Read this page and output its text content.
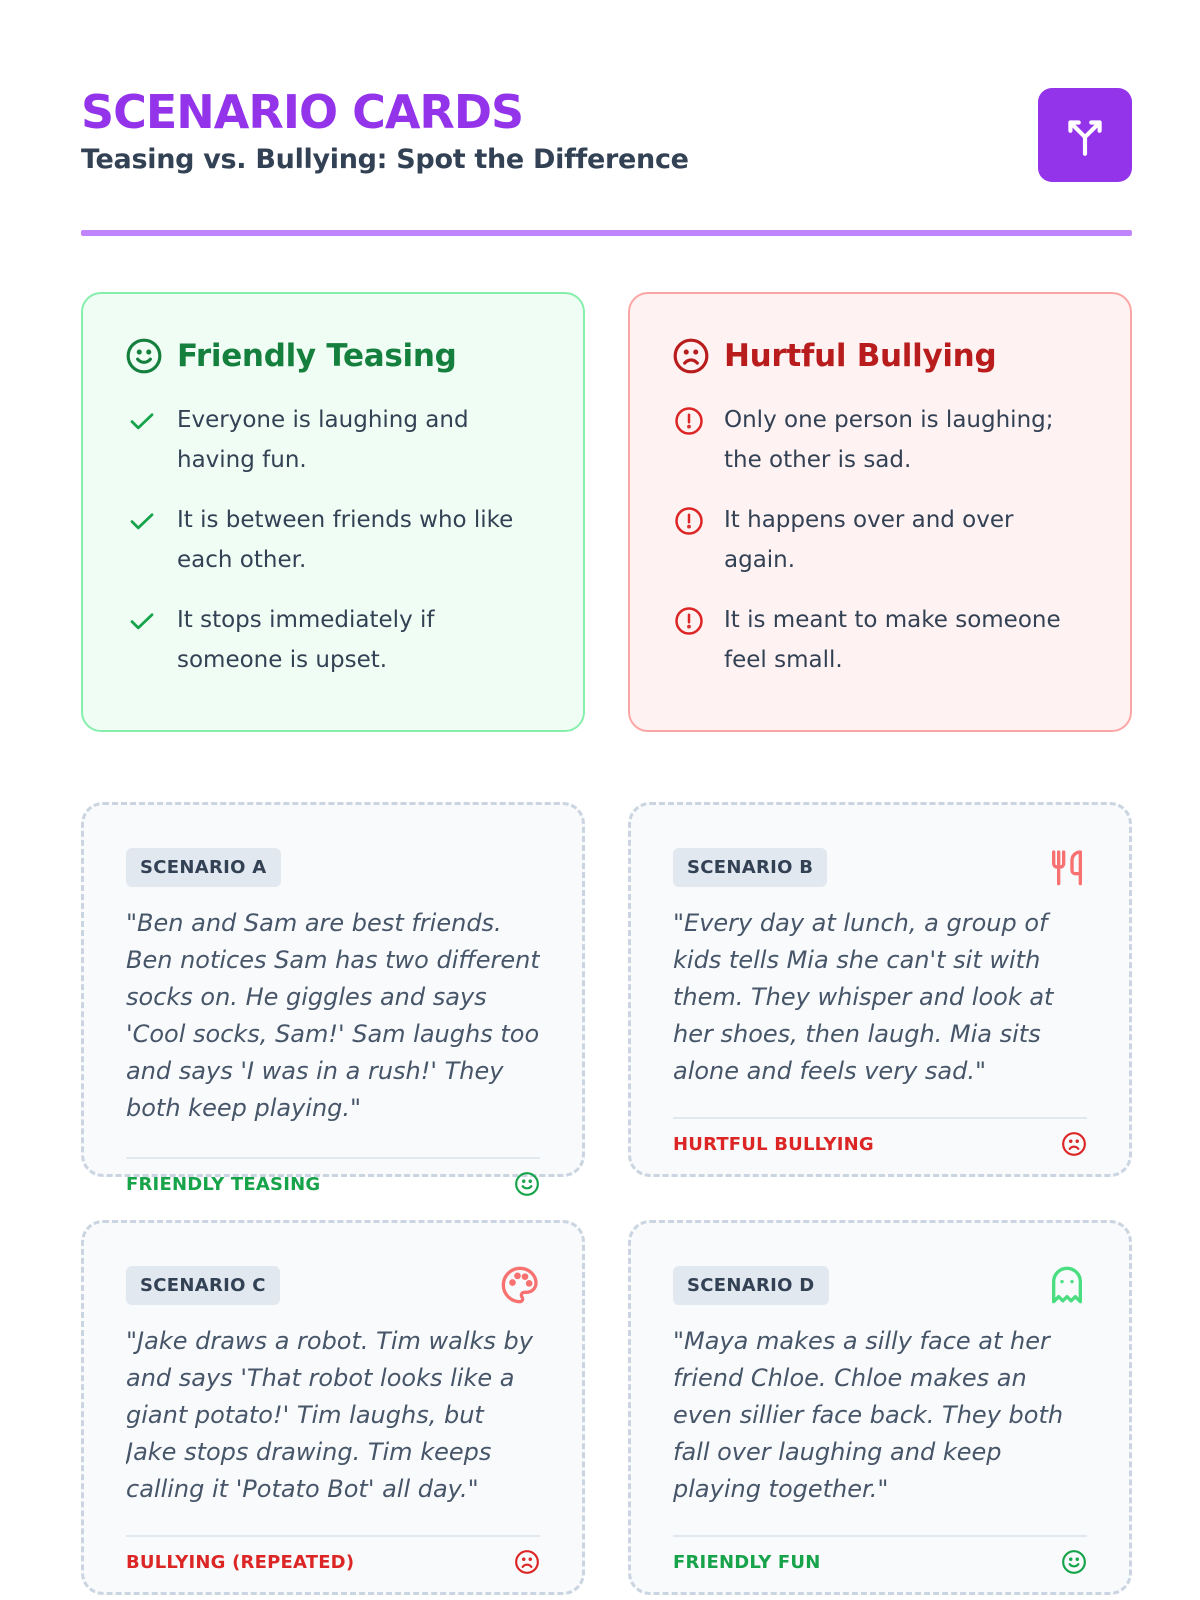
SCENARIO CARDS
Teasing vs. Bullying: Spot the Difference
Friendly Teasing
Everyone is laughing and having fun.
It is between friends who like each other.
It stops immediately if someone is upset.
Hurtful Bullying
Only one person is laughing; the other is sad.
It happens over and over again.
It is meant to make someone feel small.
SCENARIO A
"Ben and Sam are best friends. Ben notices Sam has two different socks on. He giggles and says 'Cool socks, Sam!' Sam laughs too and says 'I was in a rush!' They both keep playing."
FRIENDLY TEASING
SCENARIO B
"Every day at lunch, a group of kids tells Mia she can't sit with them. They whisper and look at her shoes, then laugh. Mia sits alone and feels very sad."
HURTFUL BULLYING
SCENARIO C
"Jake draws a robot. Tim walks by and says 'That robot looks like a giant potato!' Tim laughs, but Jake stops drawing. Tim keeps calling it 'Potato Bot' all day."
BULLYING (REPEATED)
SCENARIO D
"Maya makes a silly face at her friend Chloe. Chloe makes an even sillier face back. They both fall over laughing and keep playing together."
FRIENDLY FUN
